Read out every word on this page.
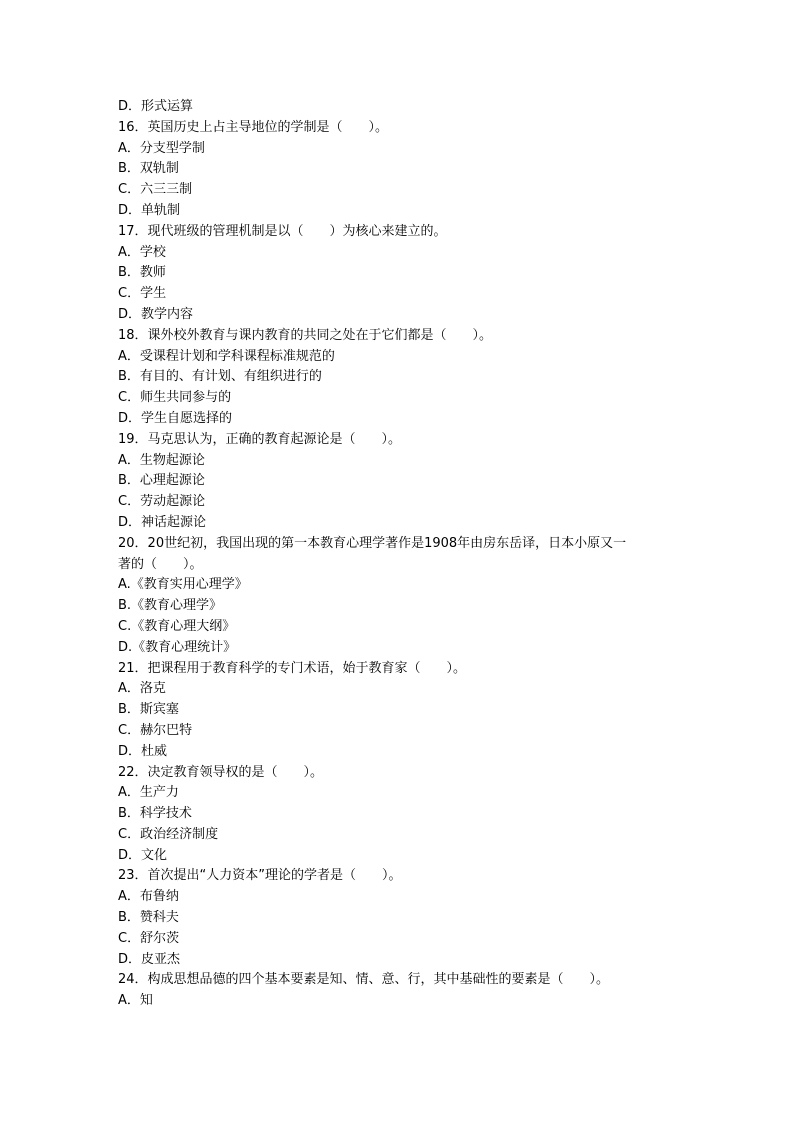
D．形式运算

16．英国历史上占主导地位的学制是（　　）。

A．分支型学制

B．双轨制

C．六三三制

D．单轨制

17．现代班级的管理机制是以（　　）为核心来建立的。

A．学校

B．教师

C．学生

D．教学内容

18．课外校外教育与课内教育的共同之处在于它们都是（　　）。

A．受课程计划和学科课程标准规范的

B．有目的、有计划、有组织进行的

C．师生共同参与的

D．学生自愿选择的

19．马克思认为，正确的教育起源论是（　　）。

A．生物起源论

B．心理起源论

C．劳动起源论

D．神话起源论

20．20世纪初，我国出现的第一本教育心理学著作是1908年由房东岳译，日本小原又一

著的（　　）。

A.《教育实用心理学》

B.《教育心理学》

C.《教育心理大纲》

D.《教育心理统计》

21．把课程用于教育科学的专门术语，始于教育家（　　）。

A．洛克

B．斯宾塞

C．赫尔巴特

D．杜威

22．决定教育领导权的是（　　）。

A．生产力

B．科学技术

C．政治经济制度

D．文化

23．首次提出“人力资本”理论的学者是（　　）。

A．布鲁纳

B．赞科夫

C．舒尔茨

D．皮亚杰

24．构成思想品德的四个基本要素是知、情、意、行，其中基础性的要素是（　　）。

A．知
